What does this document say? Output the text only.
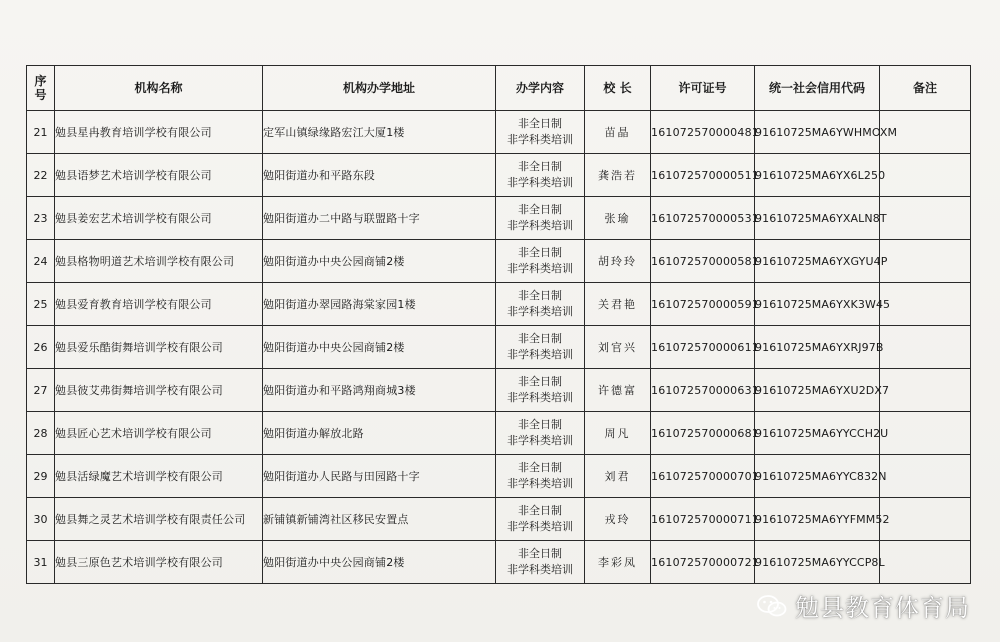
序
号	机构名称	机构办学地址	办学内容	校 长	许可证号	统一社会信用代码	备注
21	勉县星冉教育培训学校有限公司	定军山镇绿缘路宏江大厦1楼	非全日制
非学科类培训	苗晶	161072570000481	91610725MA6YWHMOXM	
22	勉县语梦艺术培训学校有限公司	勉阳街道办和平路东段	非全日制
非学科类培训	龚浩若	161072570000511	91610725MA6YX6L250	
23	勉县姜宏艺术培训学校有限公司	勉阳街道办二中路与联盟路十字	非全日制
非学科类培训	张瑜	161072570000531	91610725MA6YXALN8T	
24	勉县格物明道艺术培训学校有限公司	勉阳街道办中央公园商铺2楼	非全日制
非学科类培训	胡玲玲	161072570000581	91610725MA6YXGYU4P	
25	勉县爱育教育培训学校有限公司	勉阳街道办翠园路海棠家园1楼	非全日制
非学科类培训	关君艳	161072570000591	91610725MA6YXK3W45	
26	勉县爱乐酷街舞培训学校有限公司	勉阳街道办中央公园商铺2楼	非全日制
非学科类培训	刘官兴	161072570000611	91610725MA6YXRJ97B	
27	勉县彼艾弗街舞培训学校有限公司	勉阳街道办和平路鸿翔商城3楼	非全日制
非学科类培训	许德富	161072570000631	91610725MA6YXU2DX7	
28	勉县匠心艺术培训学校有限公司	勉阳街道办解放北路	非全日制
非学科类培训	周凡	161072570000681	91610725MA6YYCCH2U	
29	勉县活绿魔艺术培训学校有限公司	勉阳街道办人民路与田园路十字	非全日制
非学科类培训	刘君	161072570000701	91610725MA6YYC832N	
30	勉县舞之灵艺术培训学校有限责任公司	新铺镇新铺湾社区移民安置点	非全日制
非学科类培训	戎玲	161072570000711	91610725MA6YYFMM52	
31	勉县三原色艺术培训学校有限公司	勉阳街道办中央公园商铺2楼	非全日制
非学科类培训	李彩凤	161072570000721	91610725MA6YYCCP8L	
勉县教育体育局
